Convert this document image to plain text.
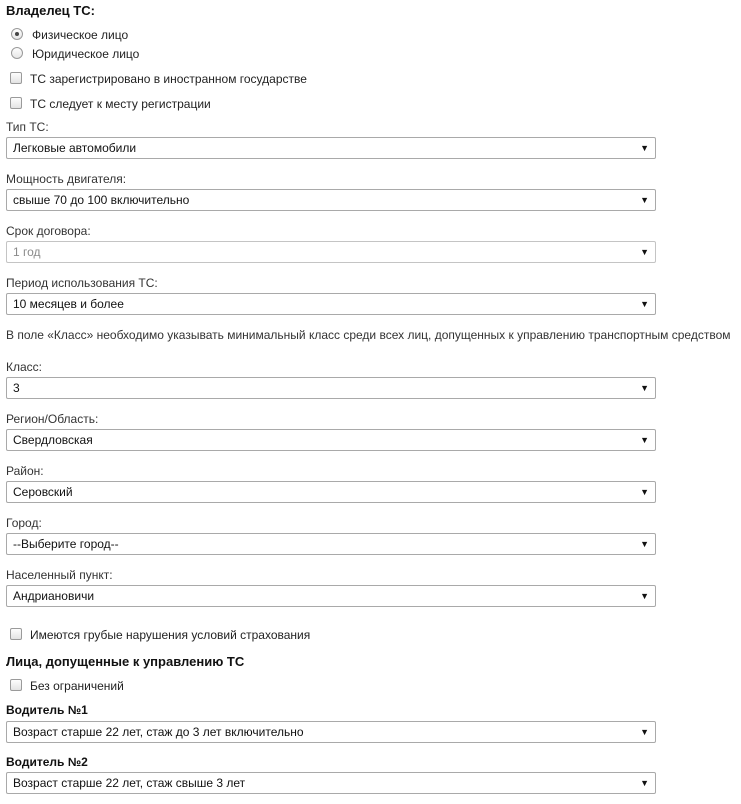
Владелец ТС:
Физическое лицо
Юридическое лицо
ТС зарегистрировано в иностранном государстве
ТС следует к месту регистрации
Тип ТС:
Легковые автомобили	▼
Мощность двигателя:
свыше 70 до 100 включительно	▼
Срок договора:
1 год	▼
Период использования ТС:
10 месяцев и более	▼
В поле «Класс» необходимо указывать минимальный класс среди всех лиц, допущенных к управлению транспортным средством
Класс:
3	▼
Регион/Область:
Свердловская	▼
Район:
Серовский	▼
Город:
--Выберите город--	▼
Населенный пункт:
Андриановичи	▼
Имеются грубые нарушения условий страхования
Лица, допущенные к управлению ТС
Без ограничений
Водитель №1
Возраст старше 22 лет, стаж до 3 лет включительно	▼
Водитель №2
Возраст старше 22 лет, стаж свыше 3 лет	▼
